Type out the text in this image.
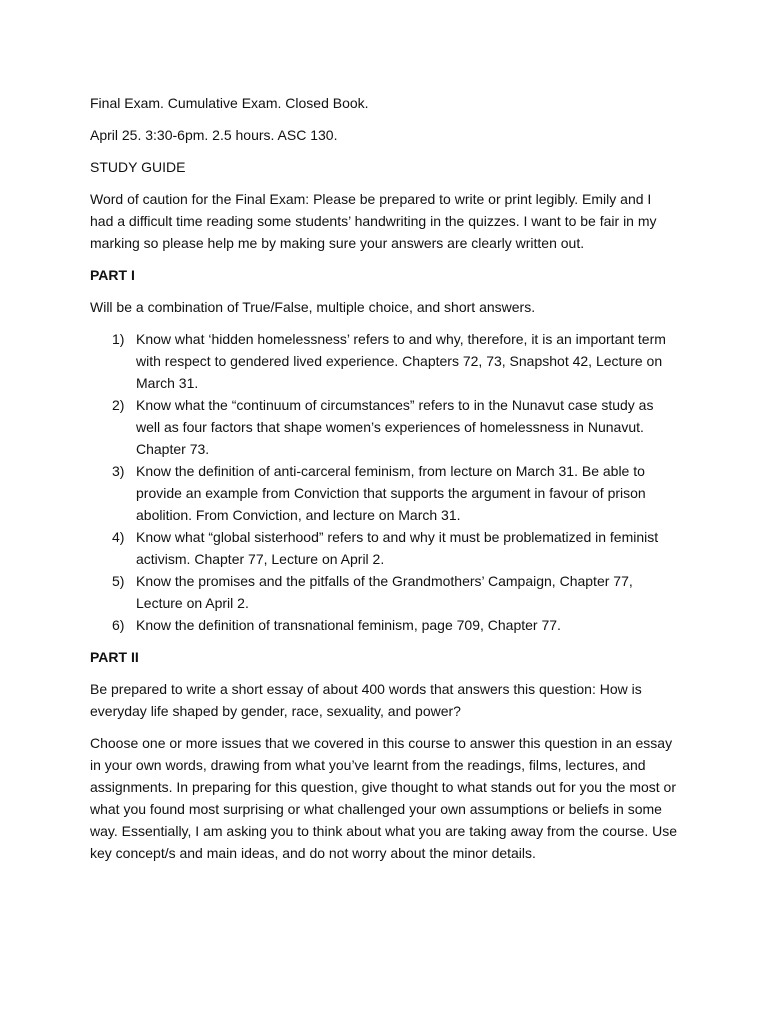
Final Exam. Cumulative Exam. Closed Book.

April 25. 3:30-6pm. 2.5 hours. ASC 130.

STUDY GUIDE

Word of caution for the Final Exam: Please be prepared to write or print legibly. Emily and I had a difficult time reading some students’ handwriting in the quizzes. I want to be fair in my marking so please help me by making sure your answers are clearly written out.

PART I

Will be a combination of True/False, multiple choice, and short answers.

1) Know what ‘hidden homelessness’ refers to and why, therefore, it is an important term with respect to gendered lived experience. Chapters 72, 73, Snapshot 42, Lecture on March 31.
2) Know what the “continuum of circumstances” refers to in the Nunavut case study as well as four factors that shape women’s experiences of homelessness in Nunavut. Chapter 73.
3) Know the definition of anti-carceral feminism, from lecture on March 31. Be able to provide an example from Conviction that supports the argument in favour of prison abolition. From Conviction, and lecture on March 31.
4) Know what “global sisterhood” refers to and why it must be problematized in feminist activism. Chapter 77, Lecture on April 2.
5) Know the promises and the pitfalls of the Grandmothers’ Campaign, Chapter 77, Lecture on April 2.
6) Know the definition of transnational feminism, page 709, Chapter 77.

PART II

Be prepared to write a short essay of about 400 words that answers this question: How is everyday life shaped by gender, race, sexuality, and power?

Choose one or more issues that we covered in this course to answer this question in an essay in your own words, drawing from what you’ve learnt from the readings, films, lectures, and assignments. In preparing for this question, give thought to what stands out for you the most or what you found most surprising or what challenged your own assumptions or beliefs in some way. Essentially, I am asking you to think about what you are taking away from the course. Use key concept/s and main ideas, and do not worry about the minor details.
